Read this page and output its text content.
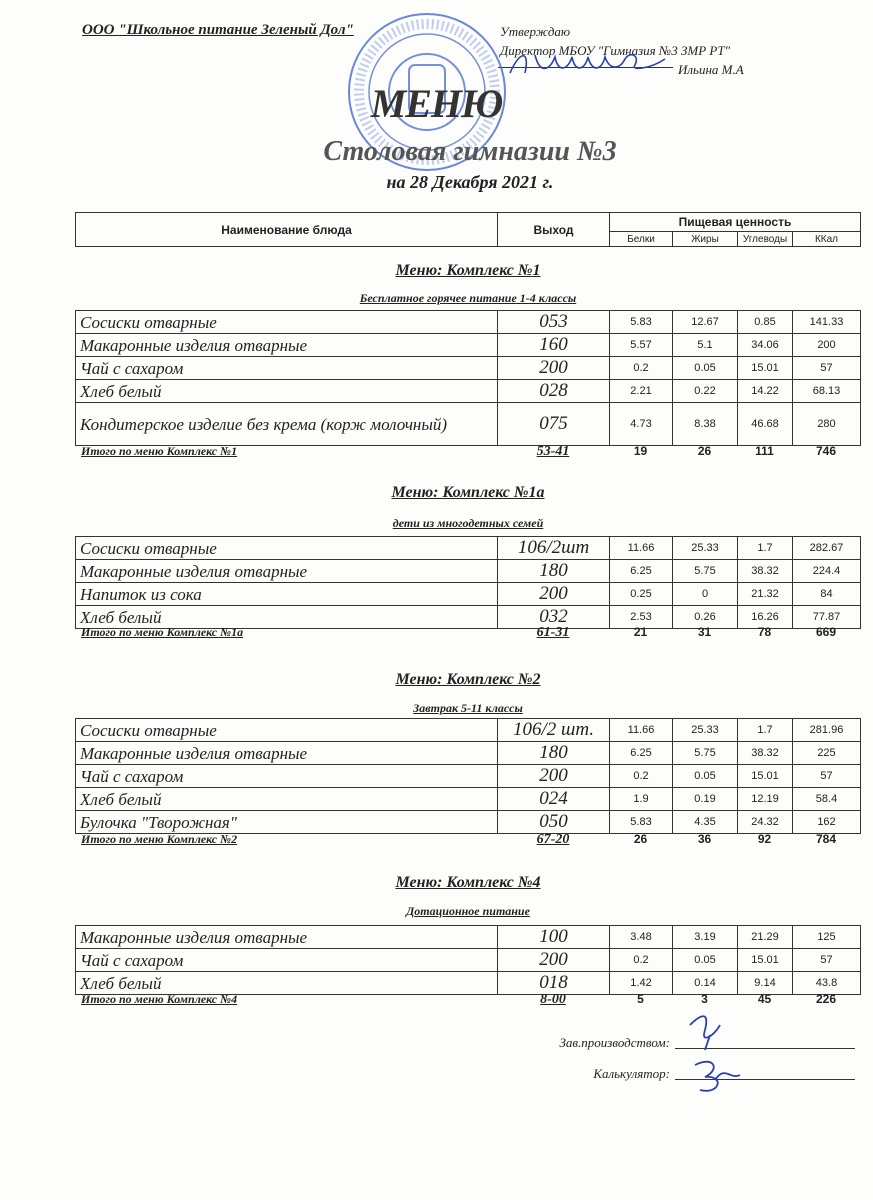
ООО "Школьное питание Зеленый Дол"	Утверждаю
Директор МБОУ "Гимназия №3 ЗМР РТ"
Ильина М.А
МЕНЮ
Столовая гимназии №3
на 28 Декабря 2021 г.
Наименование блюда	Выход	Пищевая ценность			
		Белки	Жиры	Углеводы	ККал
Меню: Комплекс №1
Бесплатное горячее питание 1-4 классы
Сосиски отварные	053	5.83	12.67	0.85	141.33
Макаронные изделия отварные	160	5.57	5.1	34.06	200
Чай с сахаром	200	0.2	0.05	15.01	57
Хлеб белый	028	2.21	0.22	14.22	68.13
Кондитерское изделие без крема (корж молочный)	075	4.73	8.38	46.68	280
Итого по меню Комплекс №1	53-41	19	26	111	746
Меню: Комплекс №1а
дети из многодетных семей
Сосиски отварные	106/2шт	11.66	25.33	1.7	282.67
Макаронные изделия отварные	180	6.25	5.75	38.32	224.4
Напиток из сока	200	0.25	0	21.32	84
Хлеб белый	032	2.53	0.26	16.26	77.87
Итого по меню Комплекс №1а	61-31	21	31	78	669
Меню: Комплекс №2
Завтрак 5-11 классы
Сосиски отварные	106/2 шт.	11.66	25.33	1.7	281.96
Макаронные изделия отварные	180	6.25	5.75	38.32	225
Чай с сахаром	200	0.2	0.05	15.01	57
Хлеб белый	024	1.9	0.19	12.19	58.4
Булочка "Творожная"	050	5.83	4.35	24.32	162
Итого по меню Комплекс №2	67-20	26	36	92	784
Меню: Комплекс №4
Дотационное питание
Макаронные изделия отварные	100	3.48	3.19	21.29	125
Чай с сахаром	200	0.2	0.05	15.01	57
Хлеб белый	018	1.42	0.14	9.14	43.8
Итого по меню Комплекс №4	8-00	5	3	45	226
Зав.производством:
Калькулятор:
